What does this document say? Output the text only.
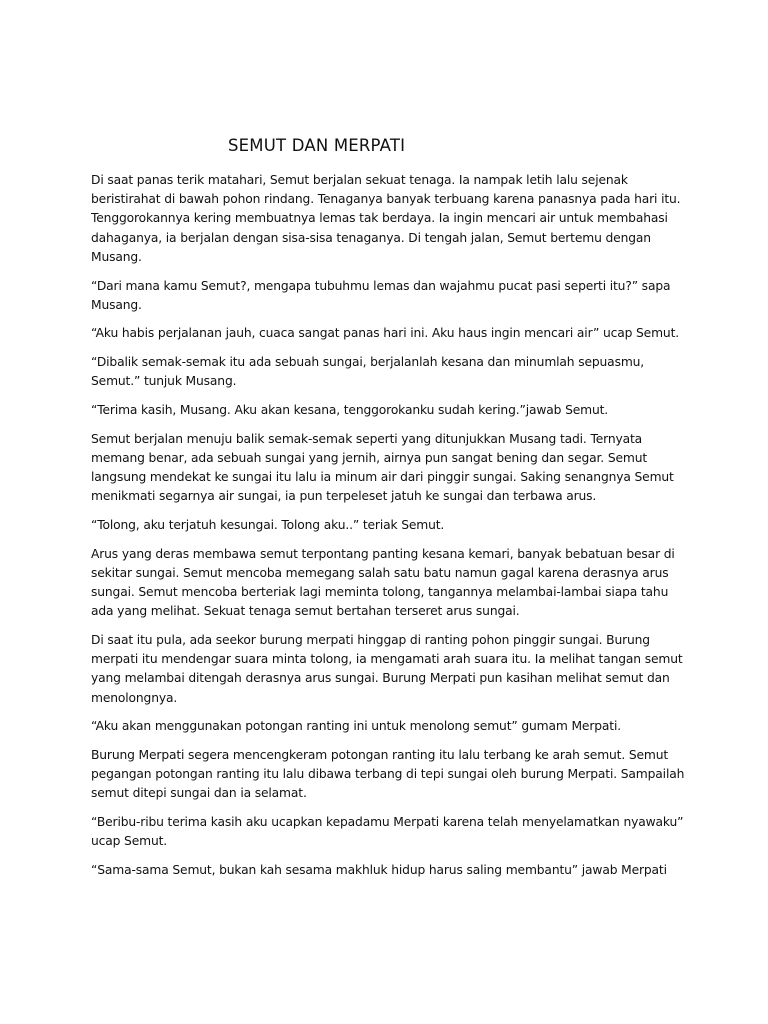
SEMUT DAN MERPATI

Di saat panas terik matahari, Semut berjalan sekuat tenaga. Ia nampak letih lalu sejenak beristirahat di bawah pohon rindang. Tenaganya banyak terbuang karena panasnya pada hari itu. Tenggorokannya kering membuatnya lemas tak berdaya. Ia ingin mencari air untuk membahasi dahaganya, ia berjalan dengan sisa-sisa tenaganya. Di tengah jalan, Semut bertemu dengan Musang.

“Dari mana kamu Semut?, mengapa tubuhmu lemas dan wajahmu pucat pasi seperti itu?” sapa Musang.

“Aku habis perjalanan jauh, cuaca sangat panas hari ini. Aku haus ingin mencari air” ucap Semut.

“Dibalik semak-semak itu ada sebuah sungai, berjalanlah kesana dan minumlah sepuasmu, Semut.” tunjuk Musang.

“Terima kasih, Musang. Aku akan kesana, tenggorokanku sudah kering.”jawab Semut.

Semut berjalan menuju balik semak-semak seperti yang ditunjukkan Musang tadi. Ternyata memang benar, ada sebuah sungai yang jernih, airnya pun sangat bening dan segar. Semut langsung mendekat ke sungai itu lalu ia minum air dari pinggir sungai. Saking senangnya Semut menikmati segarnya air sungai, ia pun terpeleset jatuh ke sungai dan terbawa arus.

“Tolong, aku terjatuh kesungai. Tolong aku..” teriak Semut.

Arus yang deras membawa semut terpontang panting kesana kemari, banyak bebatuan besar di sekitar sungai. Semut mencoba memegang salah satu batu namun gagal karena derasnya arus sungai. Semut mencoba berteriak lagi meminta tolong, tangannya melambai-lambai siapa tahu ada yang melihat. Sekuat tenaga semut bertahan terseret arus sungai.

Di saat itu pula, ada seekor burung merpati hinggap di ranting pohon pinggir sungai. Burung merpati itu mendengar suara minta tolong, ia mengamati arah suara itu. Ia melihat tangan semut yang melambai ditengah derasnya arus sungai. Burung Merpati pun kasihan melihat semut dan menolongnya.

“Aku akan menggunakan potongan ranting ini untuk menolong semut” gumam Merpati.

Burung Merpati segera mencengkeram potongan ranting itu lalu terbang ke arah semut. Semut pegangan potongan ranting itu lalu dibawa terbang di tepi sungai oleh burung Merpati. Sampailah semut ditepi sungai dan ia selamat.

“Beribu-ribu terima kasih aku ucapkan kepadamu Merpati karena telah menyelamatkan nyawaku” ucap Semut.

“Sama-sama Semut, bukan kah sesama makhluk hidup harus saling membantu” jawab Merpati
